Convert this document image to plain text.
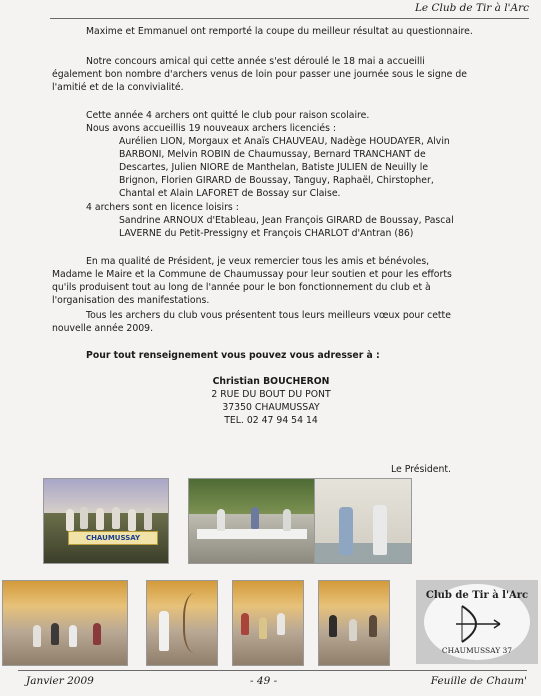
Le Club de Tir à l'Arc
Maxime et Emmanuel ont remporté la coupe du meilleur résultat au questionnaire.
Notre concours amical qui cette année s'est déroulé le 18 mai a accueilli
également bon nombre d'archers venus de loin pour passer une journée sous le signe de
l'amitié et de la convivialité.
Cette année 4 archers ont quitté le club pour raison scolaire.
Nous avons accueillis 19 nouveaux archers licenciés :
Aurélien LION, Morgaux et Anaïs CHAUVEAU, Nadège HOUDAYER, Alvin
BARBONI, Melvin ROBIN de Chaumussay, Bernard TRANCHANT de
Descartes, Julien NIORE de Manthelan, Batiste JULIEN de Neuilly le
Brignon, Florien GIRARD de Boussay, Tanguy, Raphaël, Chirstopher,
Chantal et Alain LAFORET de Bossay sur Claise.
4 archers sont en licence loisirs :
Sandrine ARNOUX d'Etableau, Jean François GIRARD de Boussay, Pascal
LAVERNE du Petit-Pressigny et François CHARLOT d'Antran (86)
En ma qualité de Président, je veux remercier tous les amis et bénévoles,
Madame le Maire et la Commune de Chaumussay pour leur soutien et pour les efforts
qu'ils produisent tout au long de l'année pour le bon fonctionnement du club et à
l'organisation des manifestations.
Tous les archers du club vous présentent tous leurs meilleurs vœux pour cette
nouvelle année 2009.
Pour tout renseignement vous pouvez vous adresser à :
Christian BOUCHERON
2 RUE DU BOUT DU PONT
37350 CHAUMUSSAY
TEL. 02 47 94 54 14
Le Président.
CHAUMUSSAY
Club de Tir à l'Arc
CHAUMUSSAY 37
Janvier 2009	- 49 -	Feuille de Chaum'
